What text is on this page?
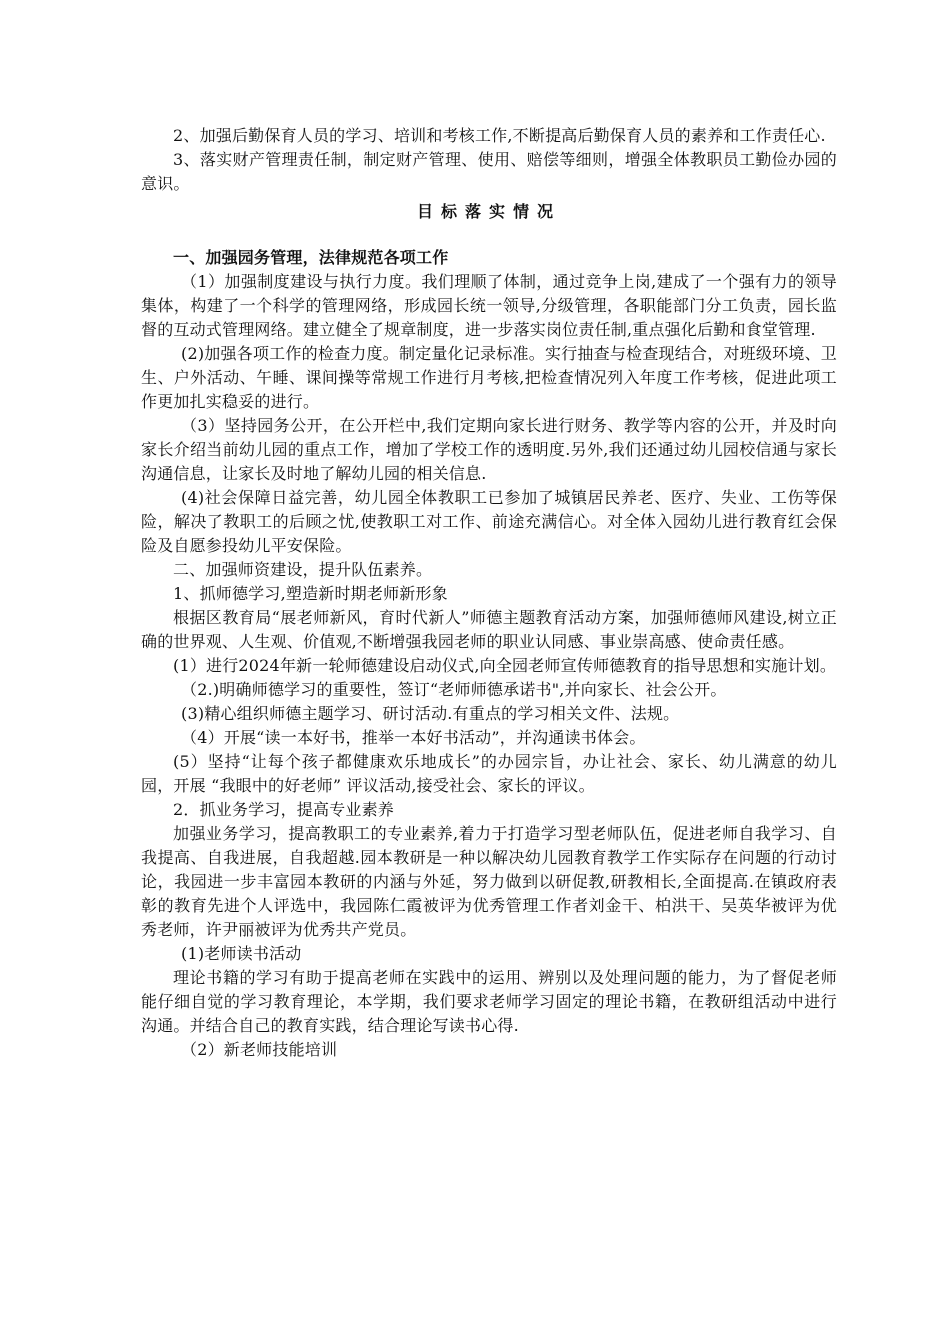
2、加强后勤保育人员的学习、培训和考核工作,不断提高后勤保育人员的素养和工作责任心.

3、落实财产管理责任制，制定财产管理、使用、赔偿等细则，增强全体教职员工勤俭办园的意识。

目标落实情况

一、加强园务管理，法律规范各项工作

（1）加强制度建设与执行力度。我们理顺了体制，通过竞争上岗,建成了一个强有力的领导集体，构建了一个科学的管理网络，形成园长统一领导,分级管理，各职能部门分工负责，园长监督的互动式管理网络。建立健全了规章制度，进一步落实岗位责任制,重点强化后勤和食堂管理.

(2)加强各项工作的检查力度。制定量化记录标准。实行抽查与检查现结合，对班级环境、卫生、户外活动、午睡、课间操等常规工作进行月考核,把检查情况列入年度工作考核，促进此项工作更加扎实稳妥的进行。

（3）坚持园务公开，在公开栏中,我们定期向家长进行财务、教学等内容的公开，并及时向家长介绍当前幼儿园的重点工作，增加了学校工作的透明度.另外,我们还通过幼儿园校信通与家长沟通信息，让家长及时地了解幼儿园的相关信息.

(4)社会保障日益完善，幼儿园全体教职工已参加了城镇居民养老、医疗、失业、工伤等保险，解决了教职工的后顾之忧,使教职工对工作、前途充满信心。对全体入园幼儿进行教育红会保险及自愿参投幼儿平安保险。

二、加强师资建设，提升队伍素养。

1、抓师德学习,塑造新时期老师新形象

根据区教育局“展老师新风，育时代新人”师德主题教育活动方案，加强师德师风建设,树立正确的世界观、人生观、价值观,不断增强我园老师的职业认同感、事业崇高感、使命责任感。

(1）进行2024年新一轮师德建设启动仪式,向全园老师宣传师德教育的指导思想和实施计划。

（2.)明确师德学习的重要性，签订“老师师德承诺书",并向家长、社会公开。

(3)精心组织师德主题学习、研讨活动.有重点的学习相关文件、法规。

（4）开展“读一本好书，推举一本好书活动”，并沟通读书体会。

(5）坚持“让每个孩子都健康欢乐地成长”的办园宗旨，办让社会、家长、幼儿满意的幼儿园，开展 “我眼中的好老师” 评议活动,接受社会、家长的评议。

2．抓业务学习，提高专业素养

加强业务学习，提高教职工的专业素养,着力于打造学习型老师队伍，促进老师自我学习、自我提高、自我进展，自我超越.园本教研是一种以解决幼儿园教育教学工作实际存在问题的行动讨论，我园进一步丰富园本教研的内涵与外延，努力做到以研促教,研教相长,全面提高.在镇政府表彰的教育先进个人评选中，我园陈仁霞被评为优秀管理工作者刘金干、柏洪干、吴英华被评为优秀老师，许尹丽被评为优秀共产党员。

(1)老师读书活动

理论书籍的学习有助于提高老师在实践中的运用、辨别以及处理问题的能力，为了督促老师能仔细自觉的学习教育理论，本学期，我们要求老师学习固定的理论书籍，在教研组活动中进行沟通。并结合自己的教育实践，结合理论写读书心得.

（2）新老师技能培训
